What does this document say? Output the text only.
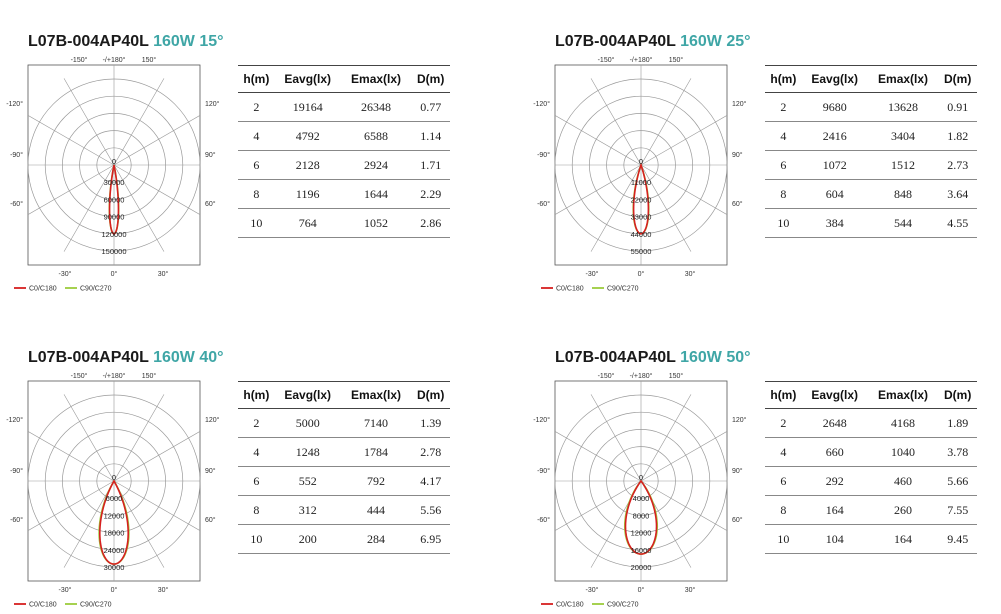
L07B-004AP40L 160W 15°
-150° -/+180° 150°
-120°	120°
-90°	90°
-60°	60°
-30°	0°	30°
0
30000
60000
90000
120000
150000
C0/C180	C90/C270
h(m)	Eavg(lx)	Emax(lx)	D(m)
2	19164	26348	0.77
4	4792	6588	1.14
6	2128	2924	1.71
8	1196	1644	2.29
10	764	1052	2.86
L07B-004AP40L 160W 25°
-150° -/+180° 150°
-120°	120°
-90°	90°
-60°	60°
-30°	0°	30°
0
11000
22000
33000
44000
55000
C0/C180	C90/C270
h(m)	Eavg(lx)	Emax(lx)	D(m)
2	9680	13628	0.91
4	2416	3404	1.82
6	1072	1512	2.73
8	604	848	3.64
10	384	544	4.55
L07B-004AP40L 160W 40°
-150° -/+180° 150°
-120°	120°
-90°	90°
-60°	60°
-30°	0°	30°
0
6000
12000
18000
24000
30000
C0/C180	C90/C270
h(m)	Eavg(lx)	Emax(lx)	D(m)
2	5000	7140	1.39
4	1248	1784	2.78
6	552	792	4.17
8	312	444	5.56
10	200	284	6.95
L07B-004AP40L 160W 50°
-150° -/+180° 150°
-120°	120°
-90°	90°
-60°	60°
-30°	0°	30°
0
4000
8000
12000
16000
20000
C0/C180	C90/C270
h(m)	Eavg(lx)	Emax(lx)	D(m)
2	2648	4168	1.89
4	660	1040	3.78
6	292	460	5.66
8	164	260	7.55
10	104	164	9.45
